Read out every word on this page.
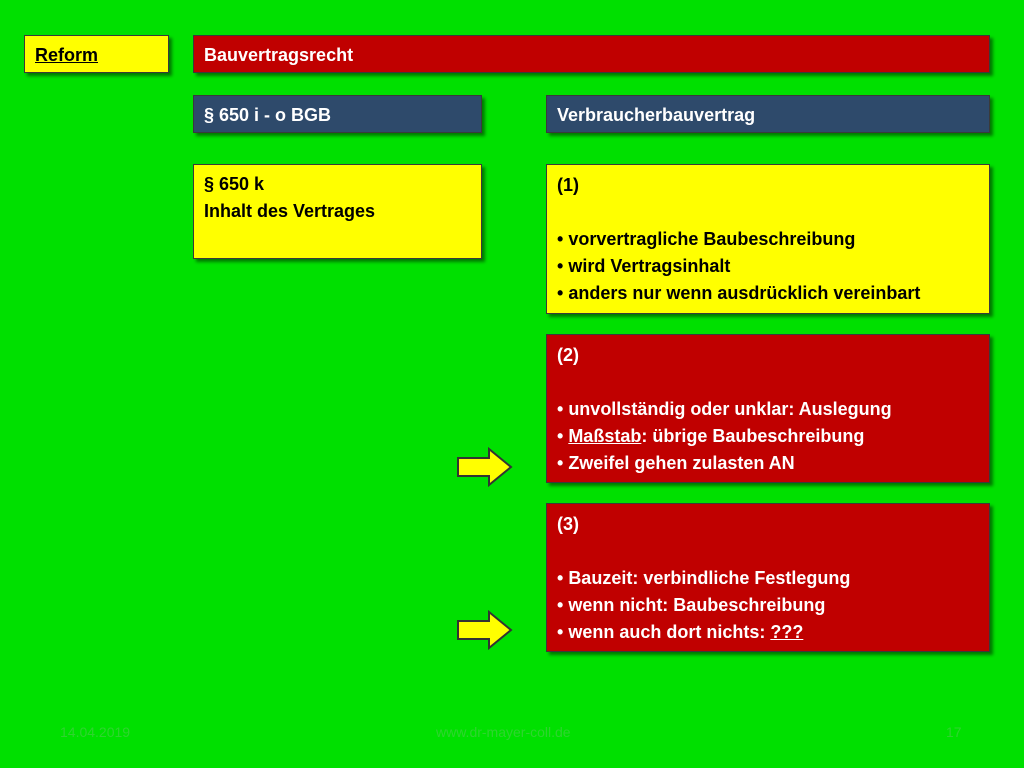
Reform	Bauvertragsrecht
§ 650 i - o BGB	Verbraucherbauvertrag
§ 650 k
Inhalt des Vertrages
(1)
• vorvertragliche Baubeschreibung
• wird Vertragsinhalt
• anders nur wenn ausdrücklich vereinbart
(2)
• unvollständig oder unklar: Auslegung
• Maßstab: übrige Baubeschreibung
• Zweifel gehen zulasten AN
(3)
• Bauzeit: verbindliche Festlegung
• wenn nicht: Baubeschreibung
• wenn auch dort nichts: ???
14.04.2019	www.dr-mayer-coll.de	17
